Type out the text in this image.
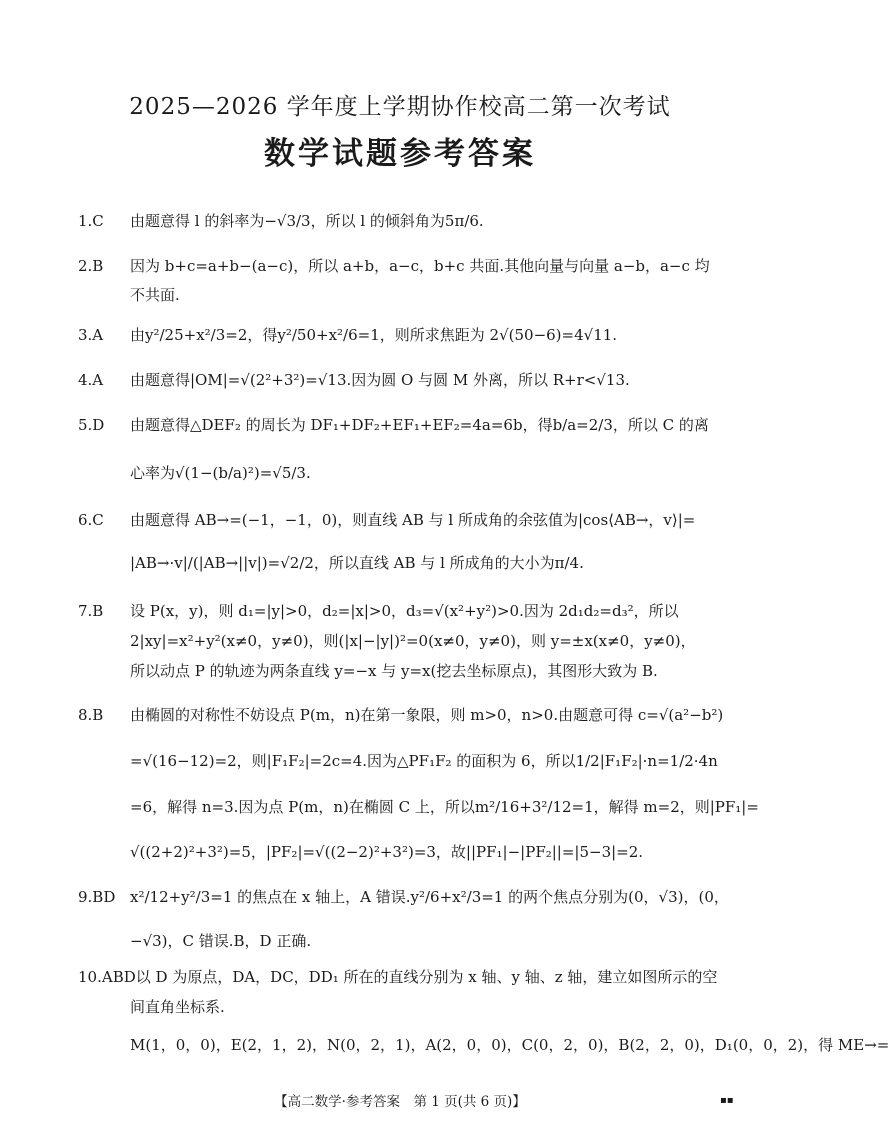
2025—2026 学年度上学期协作校高二第一次考试
数学试题参考答案
1.C 由题意得 l 的斜率为−√3/3，所以 l 的倾斜角为5π/6.
2.B 因为 b+c=a+b−(a−c)，所以 a+b，a−c，b+c 共面.其他向量与向量 a−b，a−c 均
不共面.
3.A 由y²/25+x²/3=2，得y²/50+x²/6=1，则所求焦距为 2√(50−6)=4√11.
4.A 由题意得|OM|=√(2²+3²)=√13.因为圆 O 与圆 M 外离，所以 R+r<√13.
5.D 由题意得△DEF₂ 的周长为 DF₁+DF₂+EF₁+EF₂=4a=6b，得b/a=2/3，所以 C 的离
心率为√(1−(b/a)²)=√5/3.
6.C 由题意得 AB→=(−1，−1，0)，则直线 AB 与 l 所成角的余弦值为|cos⟨AB→，v⟩|=
|AB→·v|/(|AB→||v|)=√2/2，所以直线 AB 与 l 所成角的大小为π/4.
7.B 设 P(x，y)，则 d₁=|y|>0，d₂=|x|>0，d₃=√(x²+y²)>0.因为 2d₁d₂=d₃²，所以
2|xy|=x²+y²(x≠0，y≠0)，则(|x|−|y|)²=0(x≠0，y≠0)，则 y=±x(x≠0，y≠0)，
所以动点 P 的轨迹为两条直线 y=−x 与 y=x(挖去坐标原点)，其图形大致为 B.
8.B 由椭圆的对称性不妨设点 P(m，n)在第一象限，则 m>0，n>0.由题意可得 c=√(a²−b²)
=√(16−12)=2，则|F₁F₂|=2c=4.因为△PF₁F₂ 的面积为 6，所以1/2|F₁F₂|·n=1/2·4n
=6，解得 n=3.因为点 P(m，n)在椭圆 C 上，所以m²/16+3²/12=1，解得 m=2，则|PF₁|=
√((2+2)²+3²)=5，|PF₂|=√((2−2)²+3²)=3，故||PF₁|−|PF₂||=|5−3|=2.
9.BD x²/12+y²/3=1 的焦点在 x 轴上，A 错误.y²/6+x²/3=1 的两个焦点分别为(0，√3)，(0，
−√3)，C 错误.B，D 正确.
10.ABD以 D 为原点，DA，DC，DD₁ 所在的直线分别为 x 轴、y 轴、z 轴，建立如图所示的空
间直角坐标系.
M(1，0，0)，E(2，1，2)，N(0，2，1)，A(2，0，0)，C(0，2，0)，B(2，2，0)，D₁(0，0，2)，得 ME→=
【高二数学·参考答案　第 1 页(共 6 页)】	▪▪
